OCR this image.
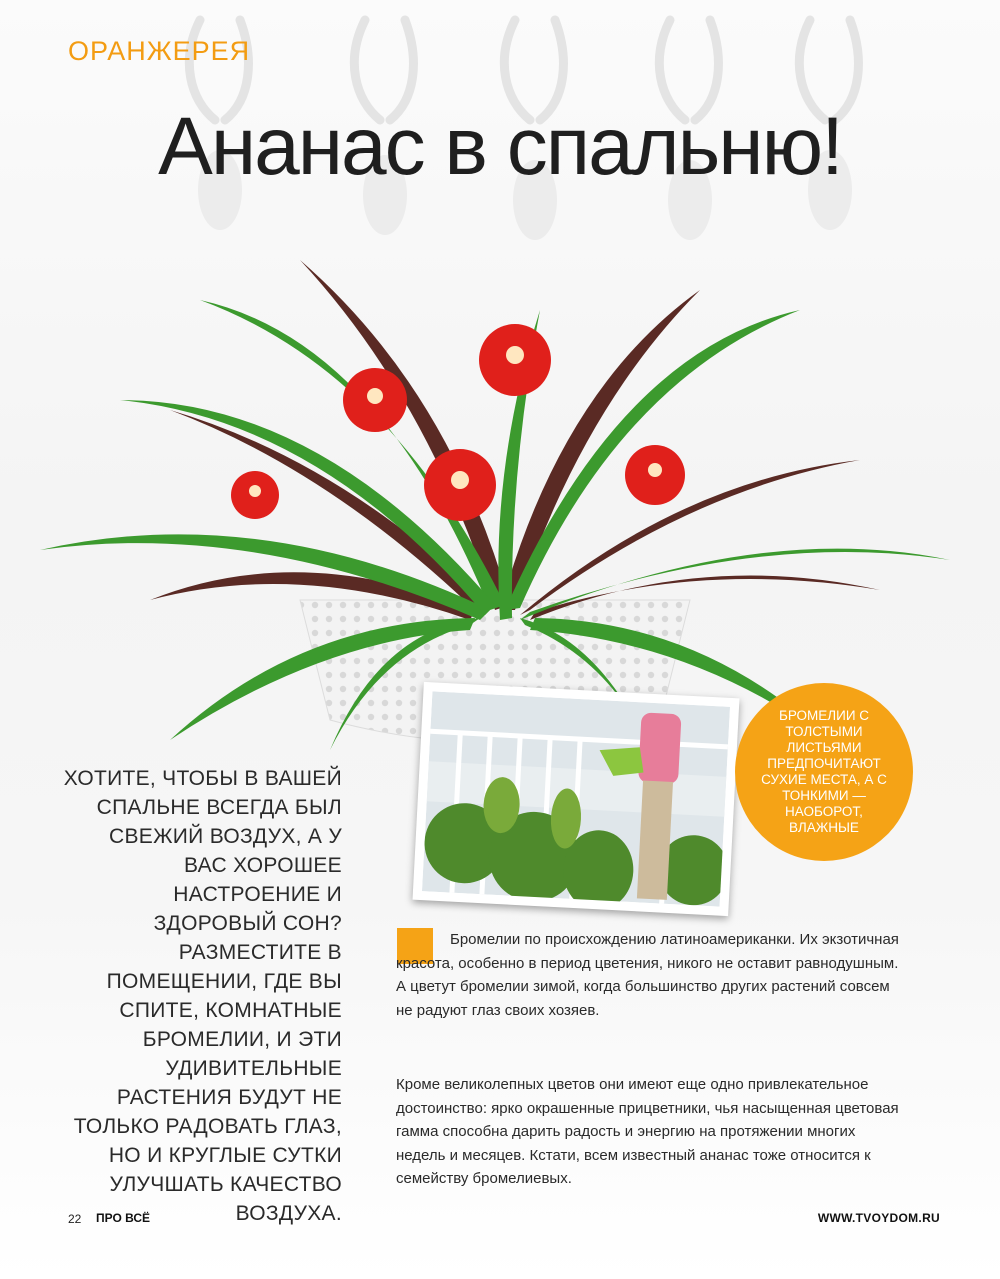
ОРАНЖЕРЕЯ
Ананас в спальню!

ХОТИТЕ, ЧТОБЫ В ВАШЕЙ СПАЛЬНЕ ВСЕГДА БЫЛ СВЕЖИЙ ВОЗДУХ, А У ВАС ХОРОШЕЕ НАСТРОЕНИЕ И ЗДОРОВЫЙ СОН? РАЗМЕСТИТЕ В ПОМЕЩЕНИИ, ГДЕ ВЫ СПИТЕ, КОМНАТНЫЕ БРОМЕЛИИ, И ЭТИ УДИВИТЕЛЬНЫЕ РАСТЕНИЯ БУДУТ НЕ ТОЛЬКО РАДОВАТЬ ГЛАЗ, НО И КРУГЛЫЕ СУТКИ УЛУЧШАТЬ КАЧЕСТВО ВОЗДУХА.

БРОМЕЛИИ С ТОЛСТЫМИ ЛИСТЬЯМИ ПРЕДПОЧИТАЮТ СУХИЕ МЕСТА, А С ТОНКИМИ — НАОБОРОТ, ВЛАЖНЫЕ

Бромелии по происхождению латиноамериканки. Их экзотичная красота, особенно в период цветения, никого не оставит равнодушным. А цветут бромелии зимой, когда большинство других растений совсем не радуют глаз своих хозяев.

Кроме великолепных цветов они имеют еще одно привлекательное достоинство: ярко окрашенные прицветники, чья насыщенная цветовая гамма способна дарить радость и энергию на протяжении многих недель и месяцев. Кстати, всем известный ананас тоже относится к семейству бромелиевых.

22 ПРО ВСЁ	WWW.TVOYDOM.RU
